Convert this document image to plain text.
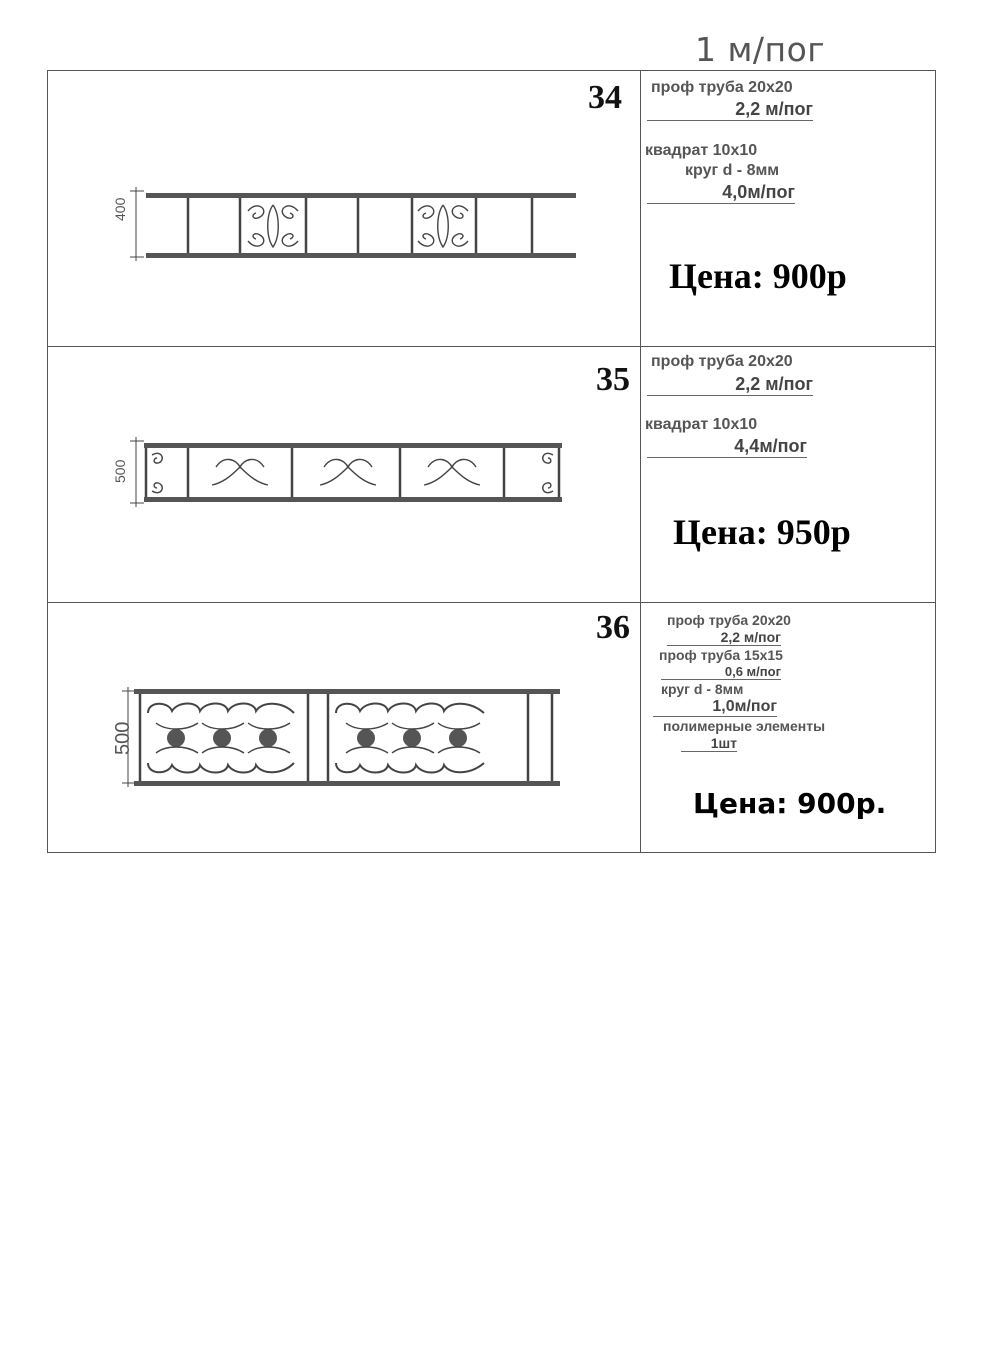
1 м/пог
34
400
проф труба 20х20
2,2 м/пог
квадрат 10х10
круг d - 8мм
4,0м/пог
Цена: 900р
35
500
проф труба 20х20
2,2 м/пог
квадрат 10х10
4,4м/пог
Цена: 950р
36
500
проф труба 20х20
2,2 м/пог
проф труба 15х15
0,6 м/пог
круг d - 8мм
1,0м/пог
полимерные элементы
1шт
Цена: 900р.
